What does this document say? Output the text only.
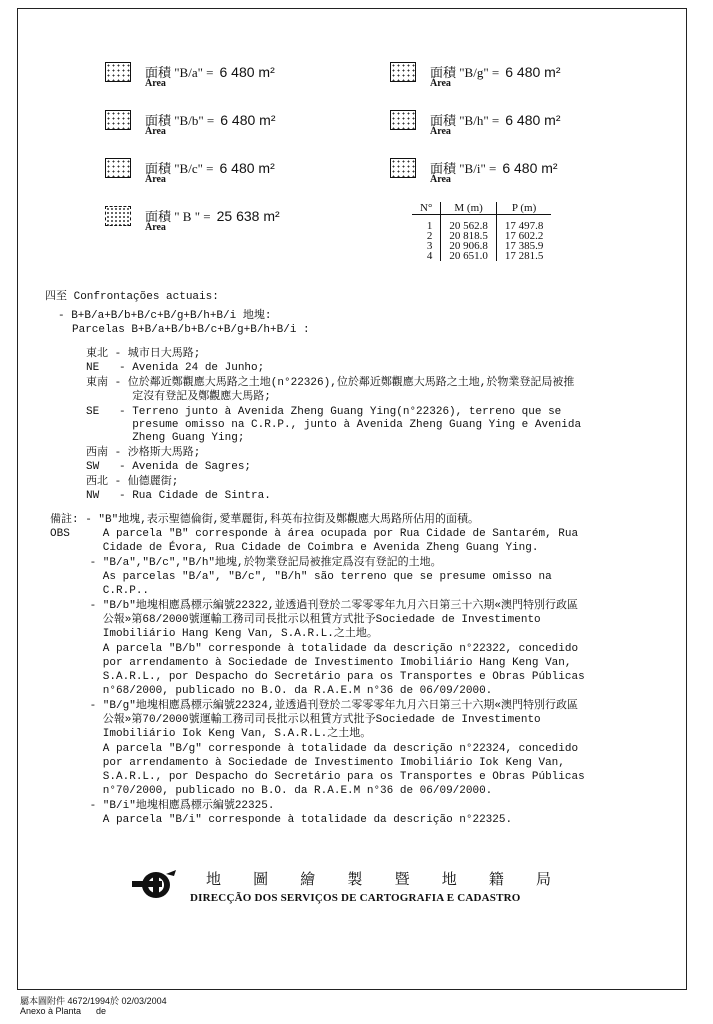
面積 "B/a" = 6 480 m²
Área
面積 "B/b" = 6 480 m²
Área
面積 "B/c" = 6 480 m²
Área
面積 " B " = 25 638 m²
Área
面積 "B/g" = 6 480 m²
Área
面積 "B/h" = 6 480 m²
Área
面積 "B/i" = 6 480 m²
Área
N°	M (m)	P (m)
1	20 562.8	17 497.8
2	20 818.5	17 602.2
3	20 906.8	17 385.9
4	20 651.0	17 281.5
四至 Confrontações actuais:
- B+B/a+B/b+B/c+B/g+B/h+B/i 地塊:
Parcelas B+B/a+B/b+B/c+B/g+B/h+B/i :
東北 - 城市日大馬路;
NE   - Avenida 24 de Junho;
東南 - 位於鄰近鄭觀應大馬路之土地(n°22326),位於鄰近鄭觀應大馬路之土地,於物業登記局被推
定沒有登記及鄭觀應大馬路;
SE   - Terreno junto à Avenida Zheng Guang Ying(n°22326), terreno que se
presume omisso na C.R.P., junto à Avenida Zheng Guang Ying e Avenida
Zheng Guang Ying;
西南 - 沙格斯大馬路;
SW   - Avenida de Sagres;
西北 - 仙德麗街;
NW   - Rua Cidade de Sintra.
備註: - "B"地塊,表示聖德倫街,愛華麗街,科英布拉街及鄭觀應大馬路所佔用的面積。
OBS     A parcela "B" corresponde à área ocupada por Rua Cidade de Santarém, Rua
Cidade de Évora, Rua Cidade de Coimbra e Avenida Zheng Guang Ying.
- "B/a","B/c","B/h"地塊,於物業登記局被推定爲沒有登記的土地。
As parcelas "B/a", "B/c", "B/h" são terreno que se presume omisso na
C.R.P..
- "B/b"地塊相應爲標示編號22322,並透過刊登於二零零零年九月六日第三十六期«澳門特別行政區
公報»第68/2000號運輸工務司司長批示以租賃方式批予Sociedade de Investimento
Imobiliário Hang Keng Van, S.A.R.L.之土地。
A parcela "B/b" corresponde à totalidade da descrição n°22322, concedido
por arrendamento à Sociedade de Investimento Imobiliário Hang Keng Van,
S.A.R.L., por Despacho do Secretário para os Transportes e Obras Públicas
n°68/2000, publicado no B.O. da R.A.E.M n°36 de 06/09/2000.
- "B/g"地塊相應爲標示編號22324,並透過刊登於二零零零年九月六日第三十六期«澳門特別行政區
公報»第70/2000號運輸工務司司長批示以租賃方式批予Sociedade de Investimento
Imobiliário Iok Keng Van, S.A.R.L.之土地。
A parcela "B/g" corresponde à totalidade da descrição n°22324, concedido
por arrendamento à Sociedade de Investimento Imobiliário Iok Keng Van,
S.A.R.L., por Despacho do Secretário para os Transportes e Obras Públicas
n°70/2000, publicado no B.O. da R.A.E.M n°36 de 06/09/2000.
- "B/i"地塊相應爲標示編號22325.
A parcela "B/i" corresponde à totalidade da descrição n°22325.
地 圖 繪 製 暨 地 籍 局
DIRECÇÃO DOS SERVIÇOS DE CARTOGRAFIA E CADASTRO
屬本圖附件 4672/1994於 02/03/2004
Anexo à Planta      de
